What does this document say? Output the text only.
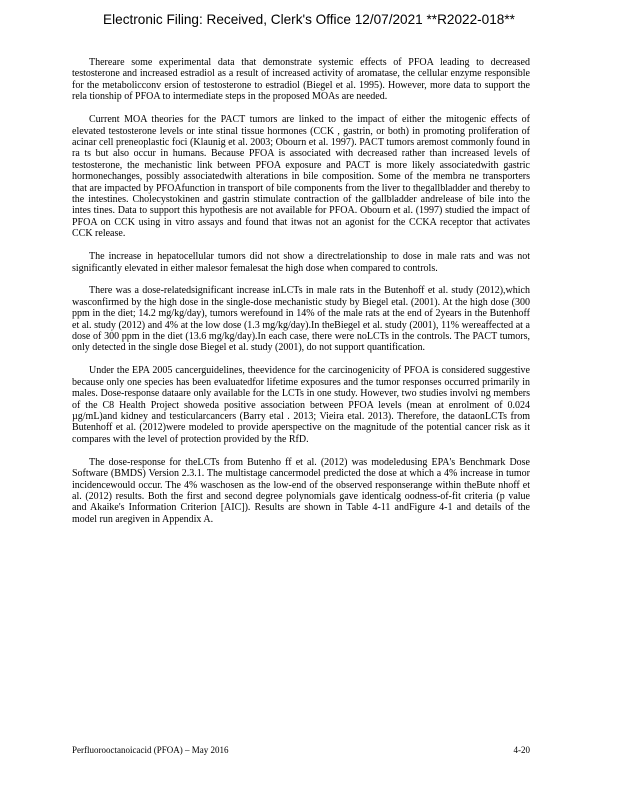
Electronic Filing: Received, Clerk's Office 12/07/2021 **R2022-018**

Thereare some experimental data that demonstrate systemic effects of PFOA leading to decreased testosterone and increased estradiol as a result of increased activity of aromatase, the cellular enzyme responsible for the metabolicconv ersion of testosterone to estradiol (Biegel et al. 1995). However, more data to support the rela tionship of PFOA to intermediate steps in the proposed MOAs are needed.

Current MOA theories for the PACT tumors are linked to the impact of either the mitogenic effects of elevated testosterone levels or inte stinal tissue hormones (CCK , gastrin, or both) in promoting proliferation of acinar cell preneoplastic foci (Klaunig et al. 2003; Obourn et al. 1997). PACT tumors aremost commonly found in ra ts but also occur in humans. Because PFOA is associated with decreased rather than increased levels of testosterone, the mechanistic link between PFOA exposure and PACT is more likely associatedwith gastric hormonechanges, possibly associatedwith alterations in bile composition. Some of the membra ne transporters that are impacted by PFOAfunction in transport of bile components from the liver to thegallbladder and thereby to the intestines. Cholecystokinen and gastrin stimulate contraction of the gallbladder andrelease of bile into the intes tines. Data to support this hypothesis are not available for PFOA. Obourn et al. (1997) studied the impact of PFOA on CCK using in vitro assays and found that itwas not an agonist for the CCKA receptor that activates CCK release.

The increase in hepatocellular tumors did not show a directrelationship to dose in male rats and was not significantly elevated in either malesor femalesat the high dose when compared to controls.

There was a dose-relatedsignificant increase inLCTs in male rats in the Butenhoff et al. study (2012),which wasconfirmed by the high dose in the single-dose mechanistic study by Biegel etal. (2001). At the high dose (300 ppm in the diet; 14.2 mg/kg/day), tumors werefound in 14% of the male rats at the end of 2years in the Butenhoff et al. study (2012) and 4% at the low dose (1.3 mg/kg/day).In theBiegel et al. study (2001), 11% wereaffected at a dose of 300 ppm in the diet (13.6 mg/kg/day).In each case, there were noLCTs in the controls. The PACT tumors, only detected in the single dose Biegel et al. study (2001), do not support quantification.

Under the EPA 2005 cancerguidelines, theevidence for the carcinogenicity of PFOA is considered suggestive because only one species has been evaluatedfor lifetime exposures and the tumor responses occurred primarily in males. Dose-response dataare only available for the LCTs in one study. However, two studies involvi ng members of the C8 Health Project showeda positive association between PFOA levels (mean at enrolment of 0.024 µg/mL)and kidney and testicularcancers (Barry etal . 2013; Vieira etal. 2013). Therefore, the dataonLCTs from Butenhoff et al. (2012)were modeled to provide aperspective on the magnitude of the potential cancer risk as it compares with the level of protection provided by the RfD.

The dose-response for theLCTs from Butenho ff et al. (2012) was modeledusing EPA's Benchmark Dose Software (BMDS) Version 2.3.1. The multistage cancermodel predicted the dose at which a 4% increase in tumor incidencewould occur. The 4% waschosen as the low-end of the observed responserange within theBute nhoff et al. (2012) results. Both the first and second degree polynomials gave identicalg oodness-of-fit criteria (p value and Akaike's Information Criterion [AIC]). Results are shown in Table 4-11 andFigure 4-1 and details of the model run aregiven in Appendix A.

Perfluorooctanoicacid (PFOA) – May 2016	4-20
